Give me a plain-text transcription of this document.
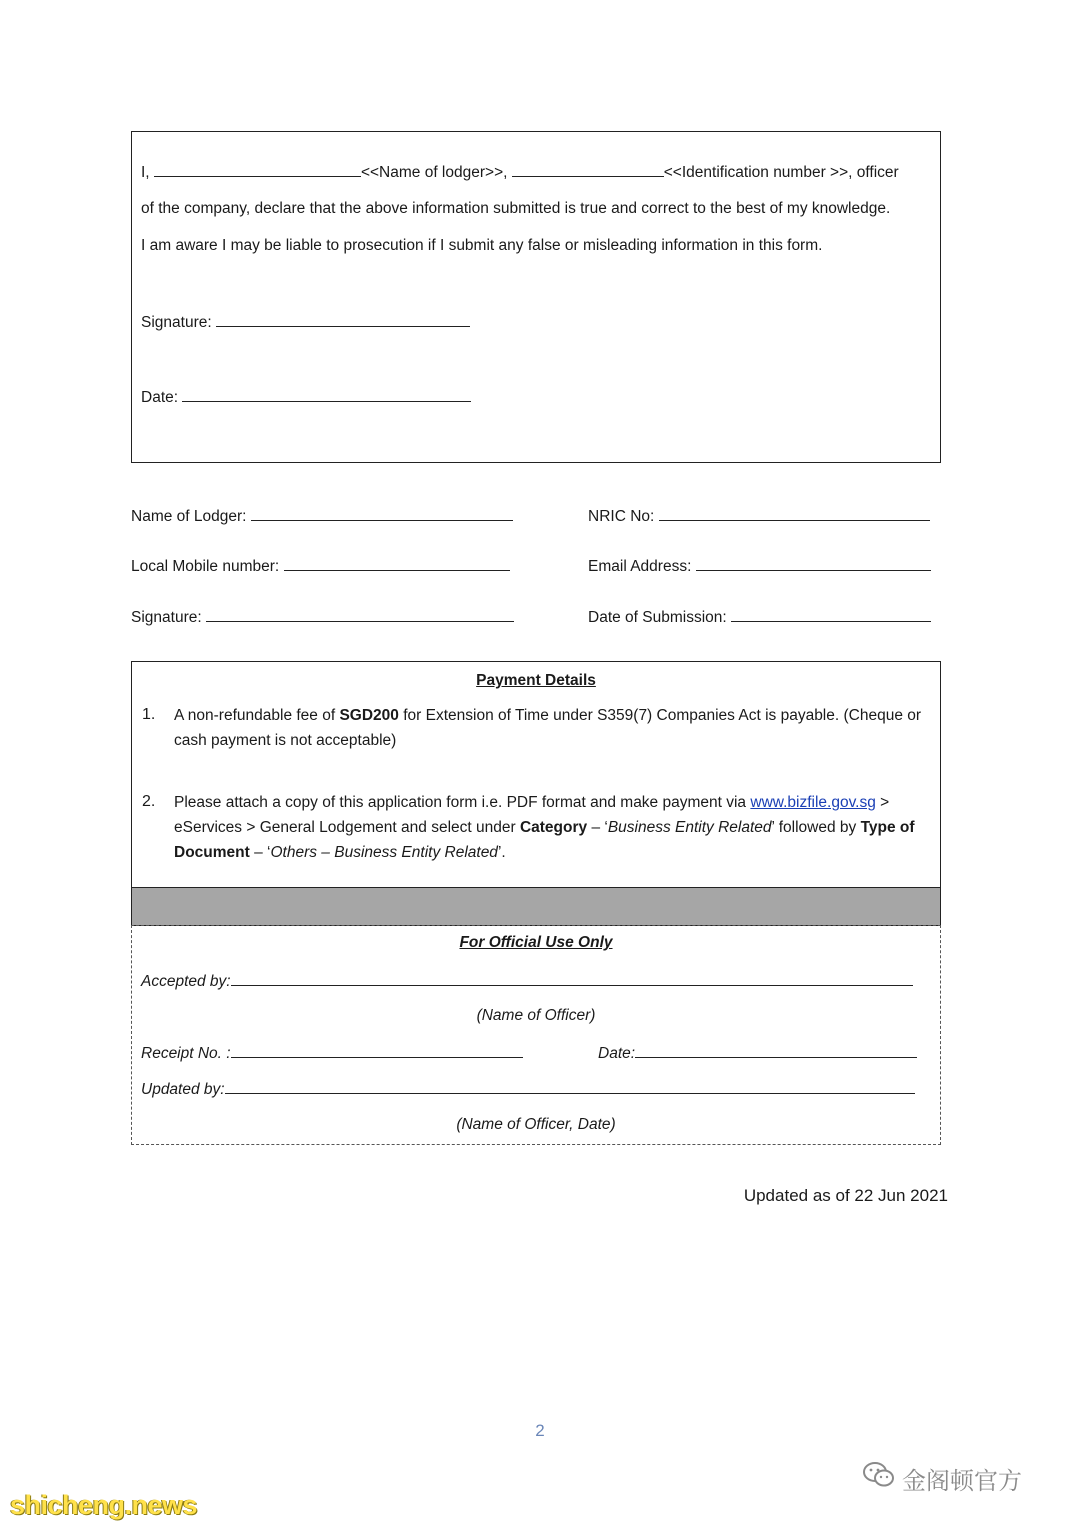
I,	<<Name of lodger>>,	<<Identification number >>, officer
of the company, declare that the above information submitted is true and correct to the best of my knowledge.
I am aware I may be liable to prosecution if I submit any false or misleading information in this form.
Signature:
Date:
Name of Lodger:	NRIC No:
Local Mobile number:	Email Address:
Signature:	Date of Submission:
Payment Details
1. A non-refundable fee of SGD200 for Extension of Time under S359(7) Companies Act is payable. (Cheque or cash payment is not acceptable)
2. Please attach a copy of this application form i.e. PDF format and make payment via www.bizfile.gov.sg > eServices > General Lodgement and select under Category – ‘Business Entity Related’ followed by Type of Document – ‘Others – Business Entity Related’.
For Official Use Only
Accepted by:
(Name of Officer)
Receipt No. :	Date:
Updated by:
(Name of Officer, Date)
Updated as of 22 Jun 2021
2
shicheng.news
金阁顿官方
